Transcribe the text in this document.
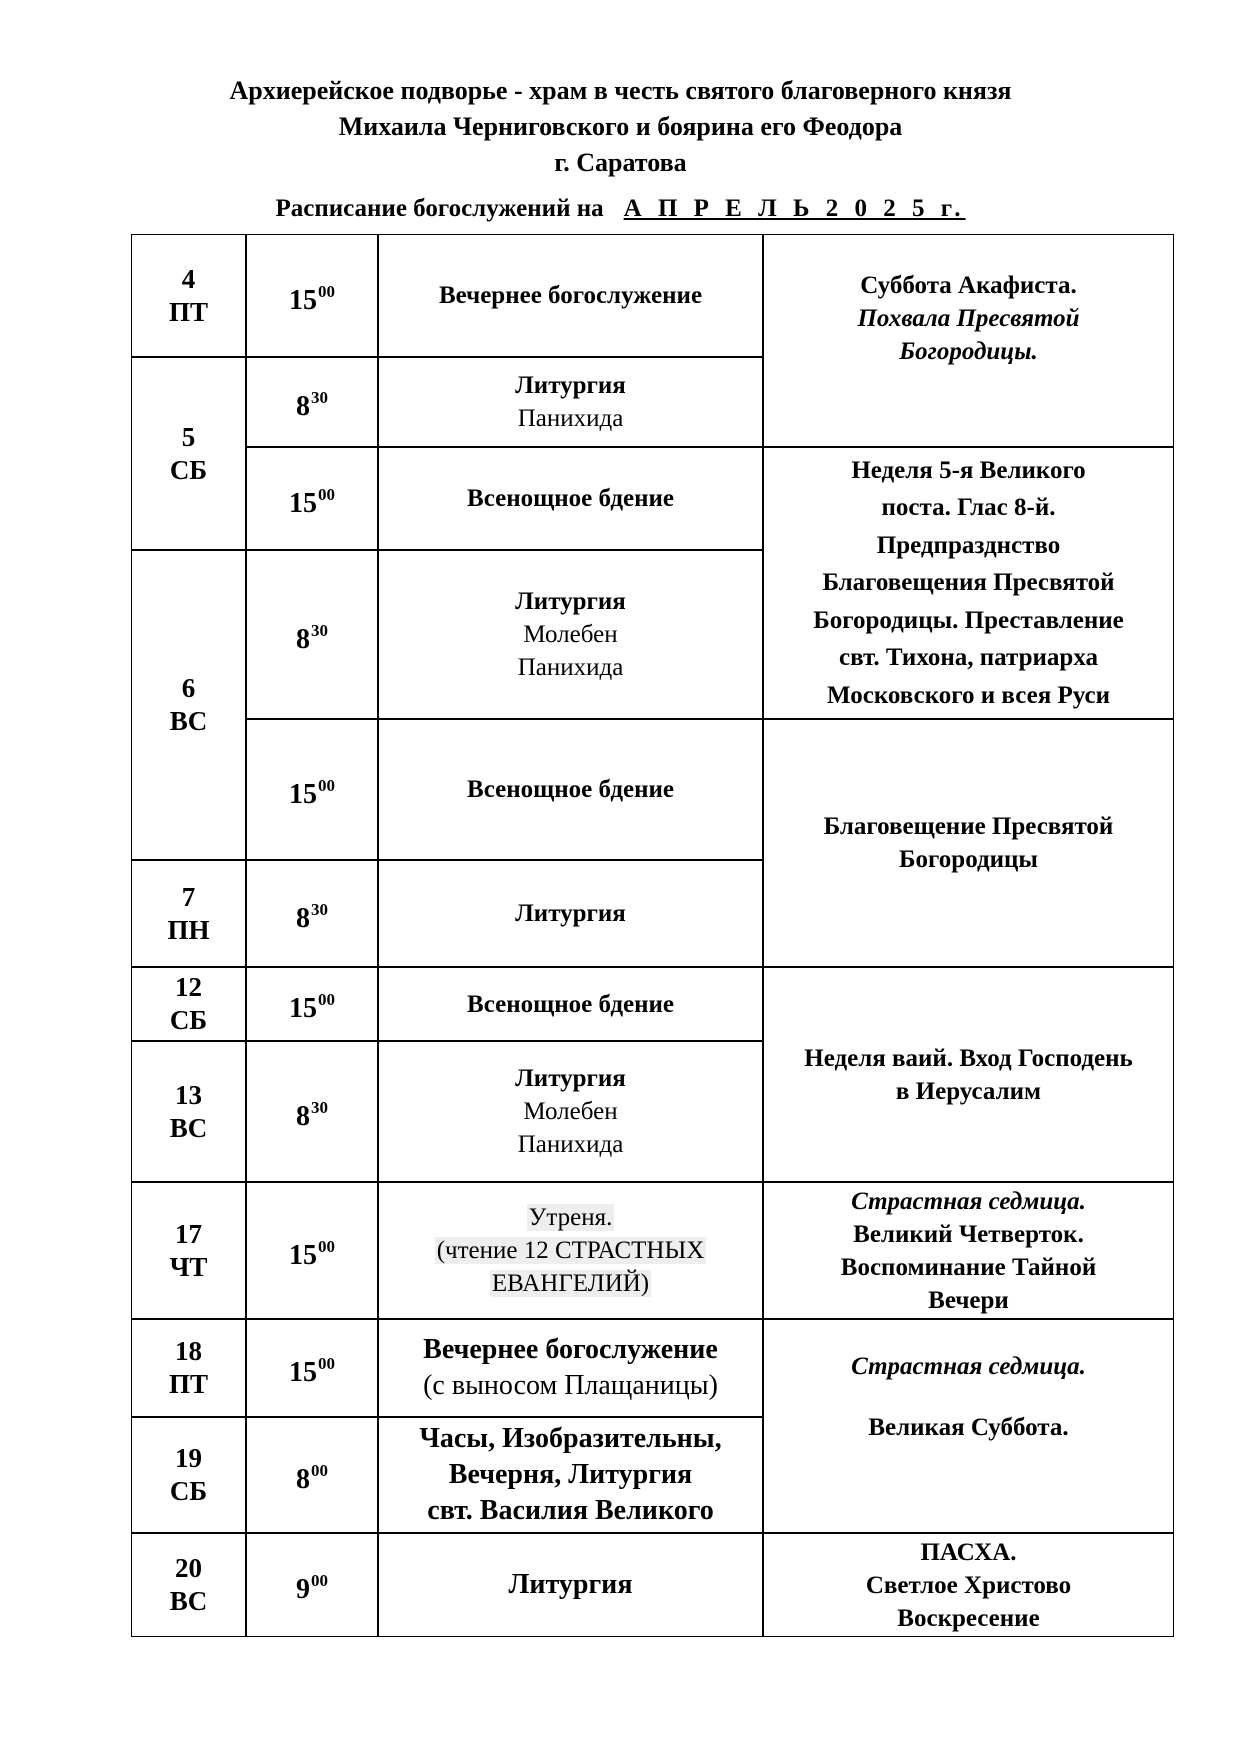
Архиерейское подворье - храм в честь святого благоверного князя
Михаила Черниговского и боярина его Феодора
г. Саратова
Расписание богослужений на А П Р Е Л Ь 2 0 2 5 г.
4
ПТ
5
СБ
6
ВС
7
ПН
12
СБ
13
ВС
17
ЧТ
18
ПТ
19
СБ
20
ВС
$15^{00}$
$8^{30}$
$15^{00}$
$8^{30}$
$15^{00}$
$8^{30}$
$15^{00}$
$8^{30}$
$15^{00}$
$15^{00}$
$8^{00}$
$9^{00}$
Вечернее богослужение
Литургия
Панихида
Всенощное бдение
Литургия
Молебен
Панихида
Всенощное бдение
Литургия
Всенощное бдение
Литургия
Молебен
Панихида
Утреня.
(чтение 12 СТРАСТНЫХ
ЕВАНГЕЛИЙ)
Вечернее богослужение
(с выносом Плащаницы)
Часы, Изобразительны,
Вечерня, Литургия
свт. Василия Великого
Литургия
Суббота Акафиста.
Похвала Пресвятой
Богородицы.
Неделя 5-я Великого
поста. Глас 8-й.
Предпразднство
Благовещения Пресвятой
Богородицы. Преставление
свт. Тихона, патриарха
Московского и всея Руси
Благовещение Пресвятой
Богородицы
Неделя ваий. Вход Господень
в Иерусалим
Страстная седмица.
Великий Четверток.
Воспоминание Тайной
Вечери
Страстная седмица.
Великая Суббота.
ПАСХА.
Светлое Христово
Воскресение
